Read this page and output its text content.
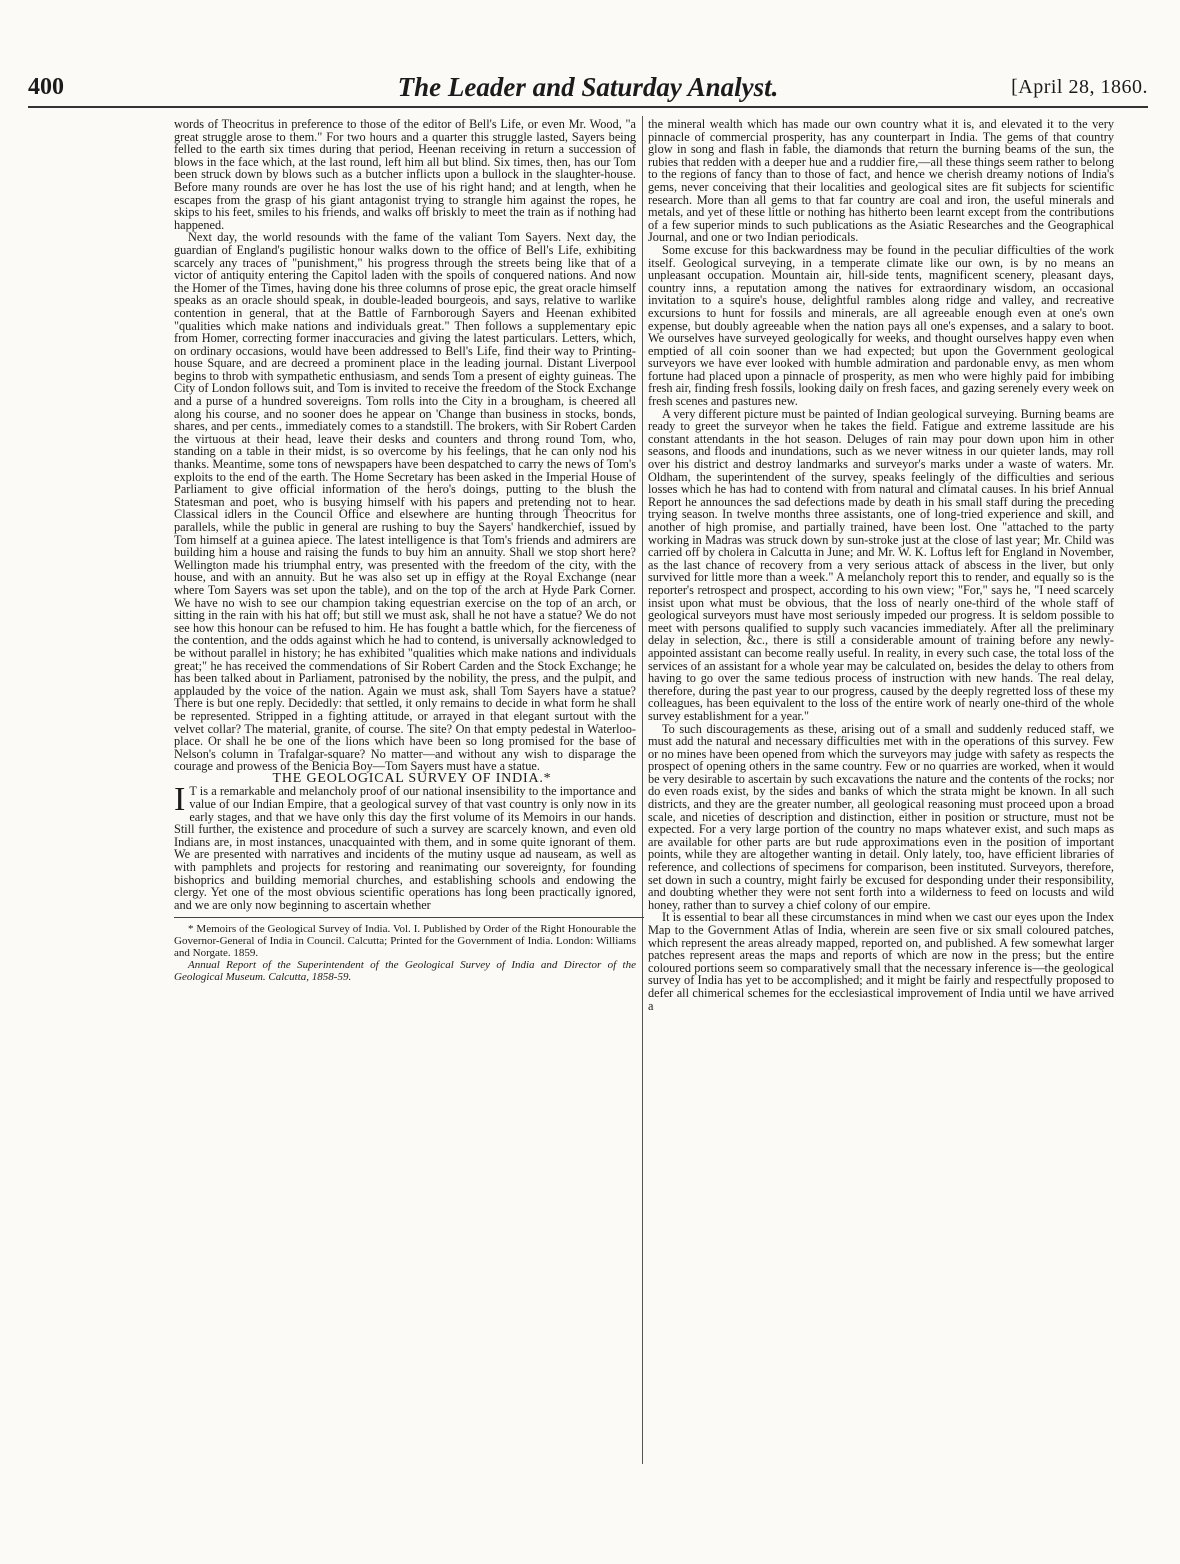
400	The Leader and Saturday Analyst.	[April 28, 1860.

words of Theocritus in preference to those of the editor of Bell's Life, or even Mr. Wood, "a great struggle arose to them." For two hours and a quarter this struggle lasted, Sayers being felled to the earth six times during that period, Heenan receiving in return a succession of blows in the face which, at the last round, left him all but blind. Six times, then, has our Tom been struck down by blows such as a butcher inflicts upon a bullock in the slaughter-house. Before many rounds are over he has lost the use of his right hand; and at length, when he escapes from the grasp of his giant antagonist trying to strangle him against the ropes, he skips to his feet, smiles to his friends, and walks off briskly to meet the train as if nothing had happened.

Next day, the world resounds with the fame of the valiant Tom Sayers. Next day, the guardian of England's pugilistic honour walks down to the office of Bell's Life, exhibiting scarcely any traces of "punishment," his progress through the streets being like that of a victor of antiquity entering the Capitol laden with the spoils of conquered nations. And now the Homer of the Times, having done his three columns of prose epic, the great oracle himself speaks as an oracle should speak, in double-leaded bourgeois, and says, relative to warlike contention in general, that at the Battle of Farnborough Sayers and Heenan exhibited "qualities which make nations and individuals great." Then follows a supplementary epic from Homer, correcting former inaccuracies and giving the latest particulars. Letters, which, on ordinary occasions, would have been addressed to Bell's Life, find their way to Printing-house Square, and are decreed a prominent place in the leading journal. Distant Liverpool begins to throb with sympathetic enthusiasm, and sends Tom a present of eighty guineas. The City of London follows suit, and Tom is invited to receive the freedom of the Stock Exchange and a purse of a hundred sovereigns. Tom rolls into the City in a brougham, is cheered all along his course, and no sooner does he appear on 'Change than business in stocks, bonds, shares, and per cents., immediately comes to a standstill. The brokers, with Sir Robert Carden the virtuous at their head, leave their desks and counters and throng round Tom, who, standing on a table in their midst, is so overcome by his feelings, that he can only nod his thanks. Meantime, some tons of newspapers have been despatched to carry the news of Tom's exploits to the end of the earth. The Home Secretary has been asked in the Imperial House of Parliament to give official information of the hero's doings, putting to the blush the Statesman and poet, who is busying himself with his papers and pretending not to hear. Classical idlers in the Council Office and elsewhere are hunting through Theocritus for parallels, while the public in general are rushing to buy the Sayers' handkerchief, issued by Tom himself at a guinea apiece. The latest intelligence is that Tom's friends and admirers are building him a house and raising the funds to buy him an annuity. Shall we stop short here? Wellington made his triumphal entry, was presented with the freedom of the city, with the house, and with an annuity. But he was also set up in effigy at the Royal Exchange (near where Tom Sayers was set upon the table), and on the top of the arch at Hyde Park Corner. We have no wish to see our champion taking equestrian exercise on the top of an arch, or sitting in the rain with his hat off; but still we must ask, shall he not have a statue? We do not see how this honour can be refused to him. He has fought a battle which, for the fierceness of the contention, and the odds against which he had to contend, is universally acknowledged to be without parallel in history; he has exhibited "qualities which make nations and individuals great;" he has received the commendations of Sir Robert Carden and the Stock Exchange; he has been talked about in Parliament, patronised by the nobility, the press, and the pulpit, and applauded by the voice of the nation. Again we must ask, shall Tom Sayers have a statue? There is but one reply. Decidedly: that settled, it only remains to decide in what form he shall be represented. Stripped in a fighting attitude, or arrayed in that elegant surtout with the velvet collar? The material, granite, of course. The site? On that empty pedestal in Waterloo-place. Or shall he be one of the lions which have been so long promised for the base of Nelson's column in Trafalgar-square? No matter—and without any wish to disparage the courage and prowess of the Benicia Boy—Tom Sayers must have a statue.

THE GEOLOGICAL SURVEY OF INDIA.*

I T is a remarkable and melancholy proof of our national insensibility to the importance and value of our Indian Empire, that a geological survey of that vast country is only now in its early stages, and that we have only this day the first volume of its Memoirs in our hands. Still further, the existence and procedure of such a survey are scarcely known, and even old Indians are, in most instances, unacquainted with them, and in some quite ignorant of them. We are presented with narratives and incidents of the mutiny usque ad nauseam, as well as with pamphlets and projects for restoring and reanimating our sovereignty, for founding bishoprics and building memorial churches, and establishing schools and endowing the clergy. Yet one of the most obvious scientific operations has long been practically ignored, and we are only now beginning to ascertain whether

* Memoirs of the Geological Survey of India. Vol. I. Published by Order of the Right Honourable the Governor-General of India in Council. Calcutta; Printed for the Government of India. London: Williams and Norgate. 1859.

Annual Report of the Superintendent of the Geological Survey of India and Director of the Geological Museum. Calcutta, 1858-59.

the mineral wealth which has made our own country what it is, and elevated it to the very pinnacle of commercial prosperity, has any counterpart in India. The gems of that country glow in song and flash in fable, the diamonds that return the burning beams of the sun, the rubies that redden with a deeper hue and a ruddier fire,—all these things seem rather to belong to the regions of fancy than to those of fact, and hence we cherish dreamy notions of India's gems, never conceiving that their localities and geological sites are fit subjects for scientific research. More than all gems to that far country are coal and iron, the useful minerals and metals, and yet of these little or nothing has hitherto been learnt except from the contributions of a few superior minds to such publications as the Asiatic Researches and the Geographical Journal, and one or two Indian periodicals.

Some excuse for this backwardness may be found in the peculiar difficulties of the work itself. Geological surveying, in a temperate climate like our own, is by no means an unpleasant occupation. Mountain air, hill-side tents, magnificent scenery, pleasant days, country inns, a reputation among the natives for extraordinary wisdom, an occasional invitation to a squire's house, delightful rambles along ridge and valley, and recreative excursions to hunt for fossils and minerals, are all agreeable enough even at one's own expense, but doubly agreeable when the nation pays all one's expenses, and a salary to boot. We ourselves have surveyed geologically for weeks, and thought ourselves happy even when emptied of all coin sooner than we had expected; but upon the Government geological surveyors we have ever looked with humble admiration and pardonable envy, as men whom fortune had placed upon a pinnacle of prosperity, as men who were highly paid for imbibing fresh air, finding fresh fossils, looking daily on fresh faces, and gazing serenely every week on fresh scenes and pastures new.

A very different picture must be painted of Indian geological surveying. Burning beams are ready to greet the surveyor when he takes the field. Fatigue and extreme lassitude are his constant attendants in the hot season. Deluges of rain may pour down upon him in other seasons, and floods and inundations, such as we never witness in our quieter lands, may roll over his district and destroy landmarks and surveyor's marks under a waste of waters. Mr. Oldham, the superintendent of the survey, speaks feelingly of the difficulties and serious losses which he has had to contend with from natural and climatal causes. In his brief Annual Report he announces the sad defections made by death in his small staff during the preceding trying season. In twelve months three assistants, one of long-tried experience and skill, and another of high promise, and partially trained, have been lost. One "attached to the party working in Madras was struck down by sun-stroke just at the close of last year; Mr. Child was carried off by cholera in Calcutta in June; and Mr. W. K. Loftus left for England in November, as the last chance of recovery from a very serious attack of abscess in the liver, but only survived for little more than a week." A melancholy report this to render, and equally so is the reporter's retrospect and prospect, according to his own view; "For," says he, "I need scarcely insist upon what must be obvious, that the loss of nearly one-third of the whole staff of geological surveyors must have most seriously impeded our progress. It is seldom possible to meet with persons qualified to supply such vacancies immediately. After all the preliminary delay in selection, &c., there is still a considerable amount of training before any newly-appointed assistant can become really useful. In reality, in every such case, the total loss of the services of an assistant for a whole year may be calculated on, besides the delay to others from having to go over the same tedious process of instruction with new hands. The real delay, therefore, during the past year to our progress, caused by the deeply regretted loss of these my colleagues, has been equivalent to the loss of the entire work of nearly one-third of the whole survey establishment for a year."

To such discouragements as these, arising out of a small and suddenly reduced staff, we must add the natural and necessary difficulties met with in the operations of this survey. Few or no mines have been opened from which the surveyors may judge with safety as respects the prospect of opening others in the same country. Few or no quarries are worked, when it would be very desirable to ascertain by such excavations the nature and the contents of the rocks; nor do even roads exist, by the sides and banks of which the strata might be known. In all such districts, and they are the greater number, all geological reasoning must proceed upon a broad scale, and niceties of description and distinction, either in position or structure, must not be expected. For a very large portion of the country no maps whatever exist, and such maps as are available for other parts are but rude approximations even in the position of important points, while they are altogether wanting in detail. Only lately, too, have efficient libraries of reference, and collections of specimens for comparison, been instituted. Surveyors, therefore, set down in such a country, might fairly be excused for desponding under their responsibility, and doubting whether they were not sent forth into a wilderness to feed on locusts and wild honey, rather than to survey a chief colony of our empire.

It is essential to bear all these circumstances in mind when we cast our eyes upon the Index Map to the Government Atlas of India, wherein are seen five or six small coloured patches, which represent the areas already mapped, reported on, and published. A few somewhat larger patches represent areas the maps and reports of which are now in the press; but the entire coloured portions seem so comparatively small that the necessary inference is—the geological survey of India has yet to be accomplished; and it might be fairly and respectfully proposed to defer all chimerical schemes for the ecclesiastical improvement of India until we have arrived a
